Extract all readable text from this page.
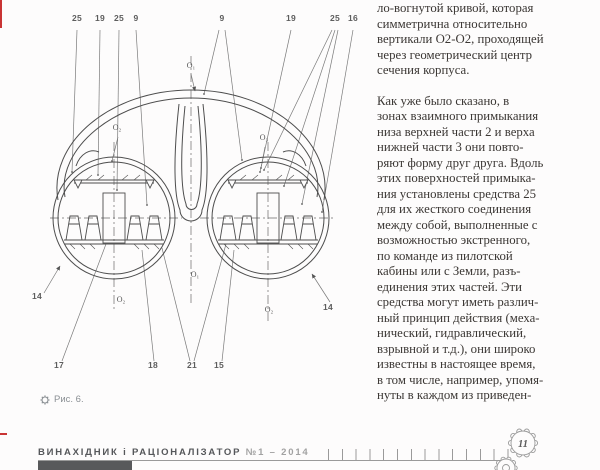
25 19 25 9	9	19	25 16
14
14
17	18	21 15
О₁
О₂
О₃
О₁
О₂
О₂
Рис. 6.
ло-вогнутой кривой, которая
симметрична относительно
вертикали О2-О2, проходящей
через геометрический центр
сечения корпуса.
Как уже было сказано, в
зонах взаимного примыкания
низа верхней части 2 и верха
нижней части 3 они повто-
ряют форму друг друга. Вдоль
этих поверхностей примыка-
ния установлены средства 25
для их жесткого соединения
между собой, выполненные с
возможностью экстренного,
по команде из пилотской
кабины или с Земли, разъ-
единения этих частей. Эти
средства могут иметь различ-
ный принцип действия (меха-
нический, гидравлический,
взрывной и т.д.), они широко
известны в настоящее время,
в том числе, например, упомя-
нуты в каждом из приведен-
ВИНАХІДНИК і РАЦІОНАЛІЗАТОР №1 – 2014
11
